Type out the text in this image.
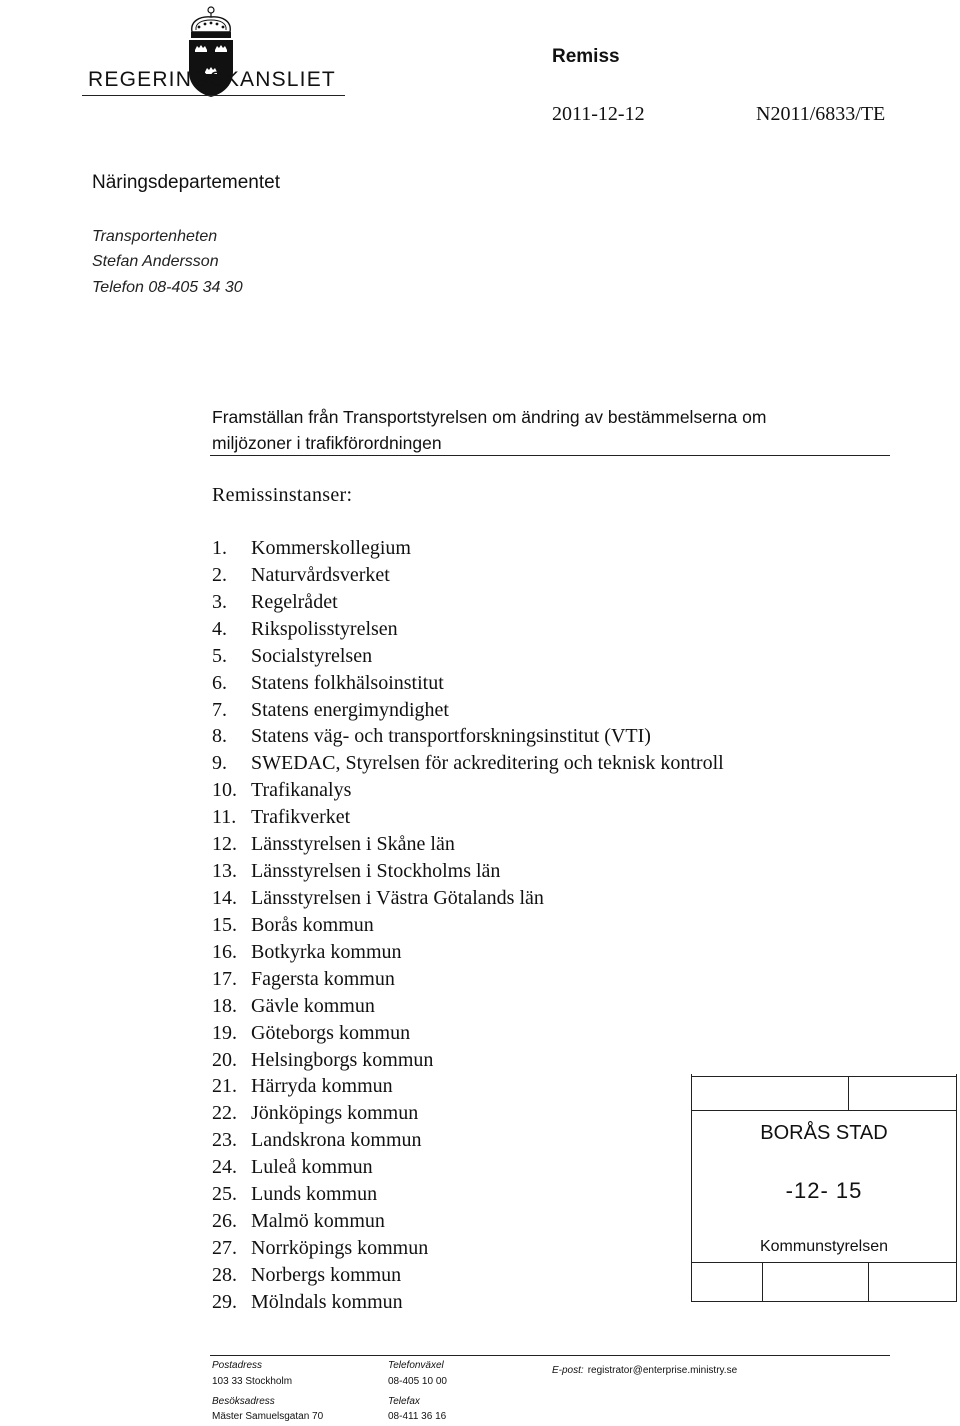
REGERINGSKANSLIET
Remiss
2011-12-12	N2011/6833/TE
Näringsdepartementet
Transportenheten
Stefan Andersson
Telefon 08-405 34 30
Framställan från Transportstyrelsen om ändring av bestämmelserna om
miljözoner i trafikförordningen
Remissinstanser:
1. Kommerskollegium
2. Naturvårdsverket
3. Regelrådet
4. Rikspolisstyrelsen
5. Socialstyrelsen
6. Statens folkhälsoinstitut
7. Statens energimyndighet
8. Statens väg- och transportforskningsinstitut (VTI)
9. SWEDAC, Styrelsen för ackreditering och teknisk kontroll
10. Trafikanalys
11. Trafikverket
12. Länsstyrelsen i Skåne län
13. Länsstyrelsen i Stockholms län
14. Länsstyrelsen i Västra Götalands län
15. Borås kommun
16. Botkyrka kommun
17. Fagersta kommun
18. Gävle kommun
19. Göteborgs kommun
20. Helsingborgs kommun
21. Härryda kommun
22. Jönköpings kommun
23. Landskrona kommun
24. Luleå kommun
25. Lunds kommun
26. Malmö kommun
27. Norrköpings kommun
28. Norbergs kommun
29. Mölndals kommun
BORÅS STAD
-12- 15
Kommunstyrelsen
Postadress
103 33 Stockholm
Besöksadress
Mäster Samuelsgatan 70
Telefonväxel
08-405 10 00
Telefax
08-411 36 16
E-post: registrator@enterprise.ministry.se
